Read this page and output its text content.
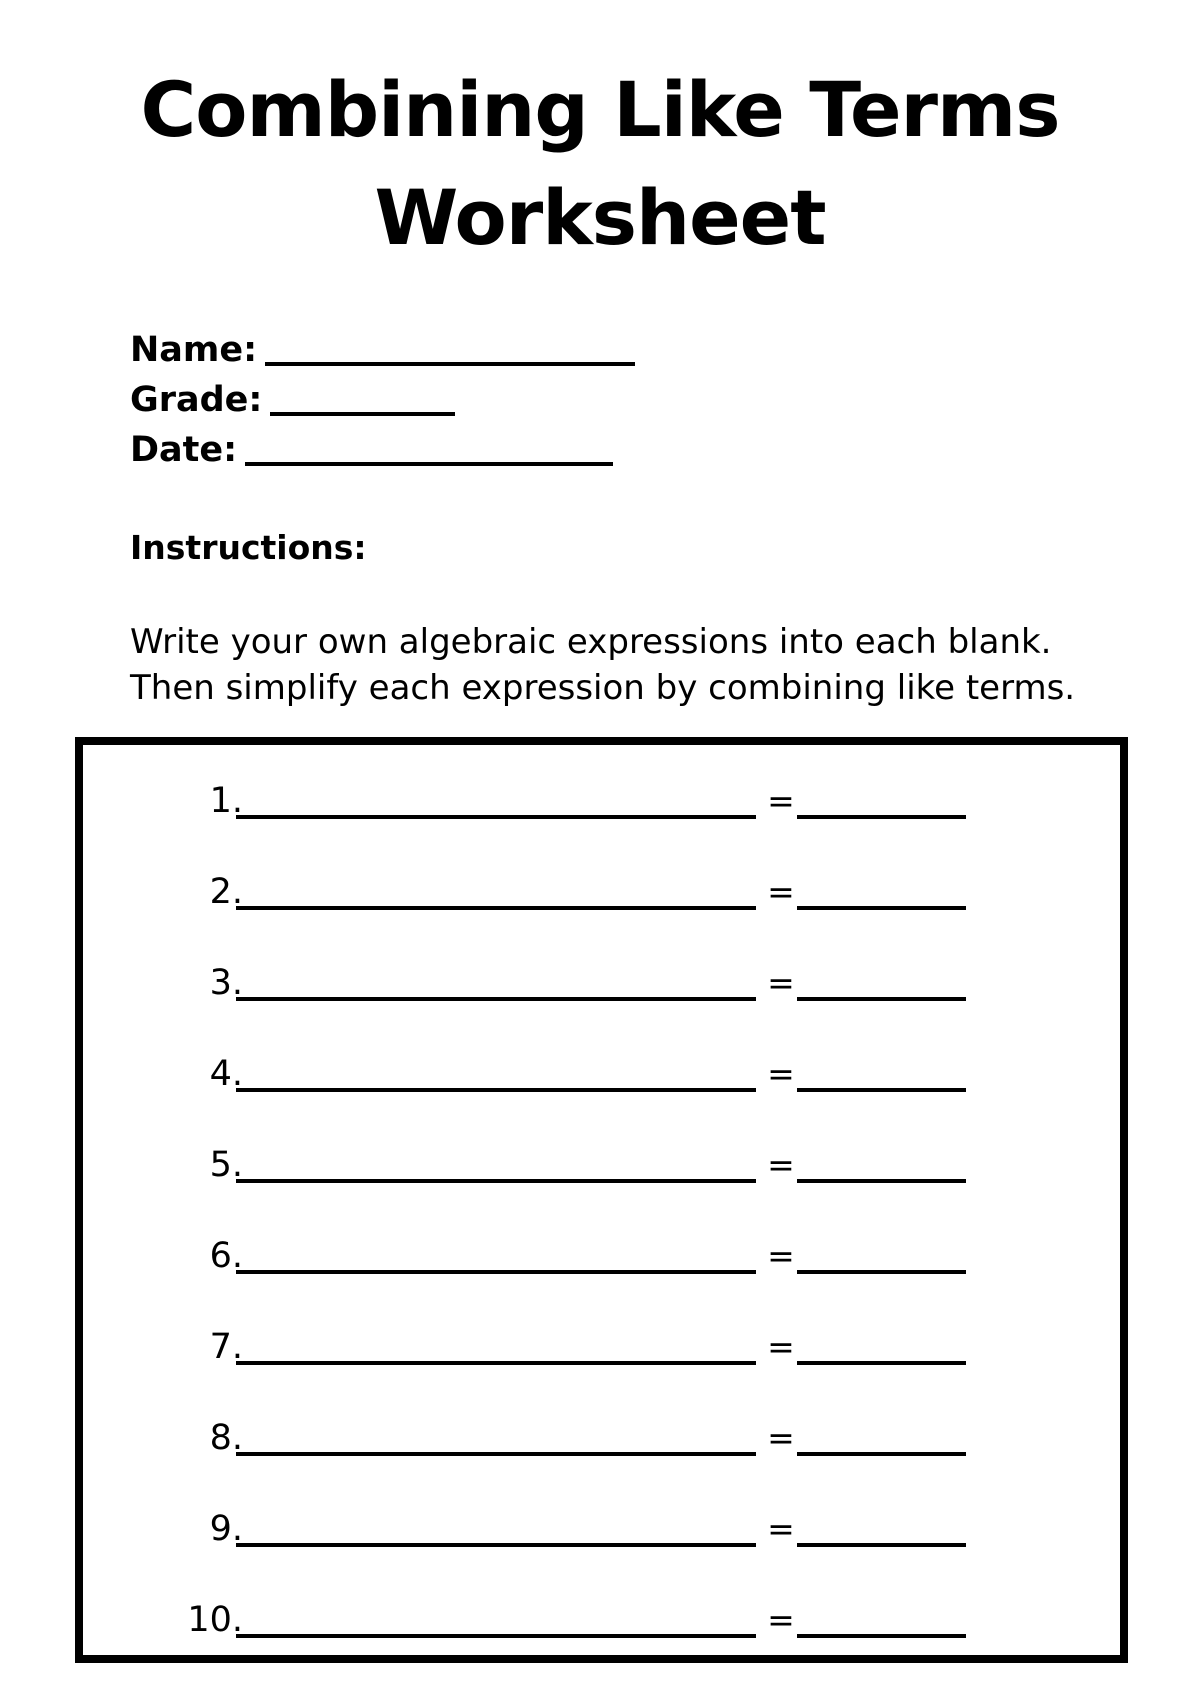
Combining Like Terms
Worksheet
Name:
Grade:
Date:
Instructions:
Write your own algebraic expressions into each blank.
Then simplify each expression by combining like terms.
1.	=
2.	=
3.	=
4.	=
5.	=
6.	=
7.	=
8.	=
9.	=
10.	=
